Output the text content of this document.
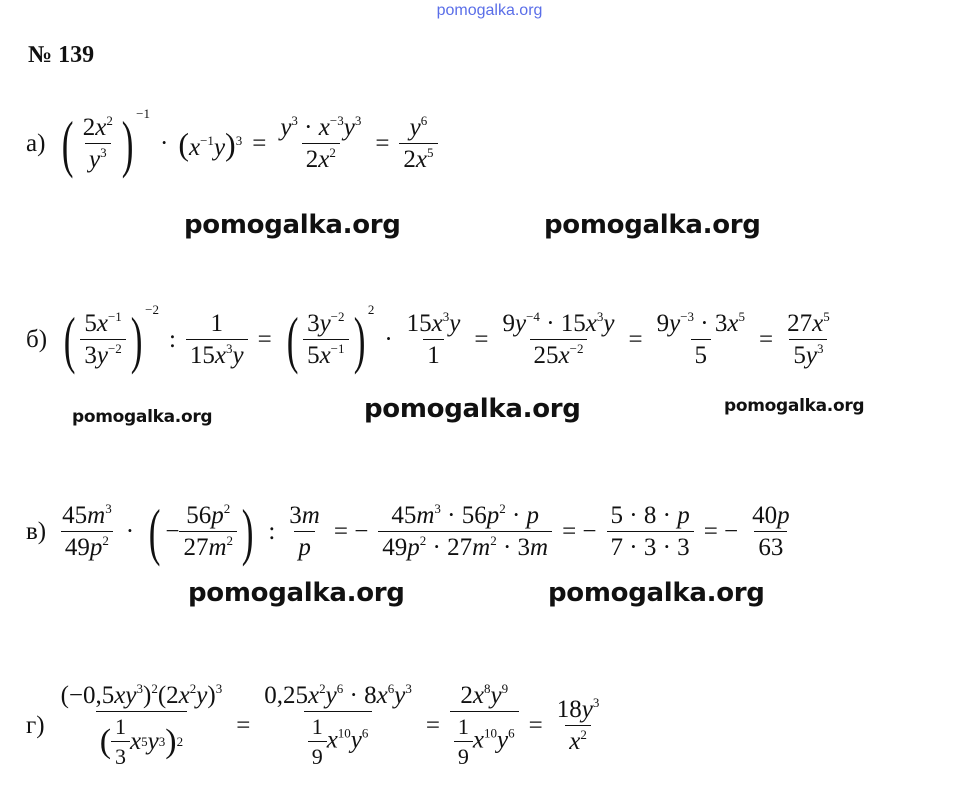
pomogalka.org
№ 139
а) ( $\frac{2x^2}{y^3}$ ) −1
· $(x^{-1}y)^3 = \frac{y^3 \cdot x^{-3}y^3}{2x^2} = \frac{y^6}{2x^5}$
pomogalka.org	pomogalka.org
б) ( $\frac{5x^{-1}}{3y^{-2}}$ ) −2
: $\frac{1}{15x^3y}$ = ( $\frac{3y^{-2}}{5x^{-1}}$ ) 2
· $\frac{15x^3y}{1} = \frac{9y^{-4} \cdot 15x^3y}{25x^{-2}} = \frac{9y^{-3} \cdot 3x^5}{5} = \frac{27x^5}{5y^3}$
pomogalka.org	pomogalka.org	pomogalka.org
$в) \frac{45m^3}{49p^2}$ · ( − $\frac{56p^2}{27m^2}$ ) : $\frac{3m}{p}$ = − $\frac{45m^3 \cdot 56p^2 \cdot p}{49p^2 \cdot 27m^2 \cdot 3m}$ = − $\frac{5 \cdot 8 \cdot p}{7 \cdot 3 \cdot 3}$ = − $\frac{40p}{63}$
pomogalka.org	pomogalka.org
$г) \frac{(-0,5xy^3)^2(2x^2y)^3}{( \frac{1}{3} x 5 y 3 ) 2} = \frac{0,25x^2y^6 \cdot 8x^6y^3}{\frac{1}{9} x^{10}y^6} = \frac{2x^8y^9}{\frac{1}{9} x^{10}y^6} = \frac{18y^3}{x^2}$
